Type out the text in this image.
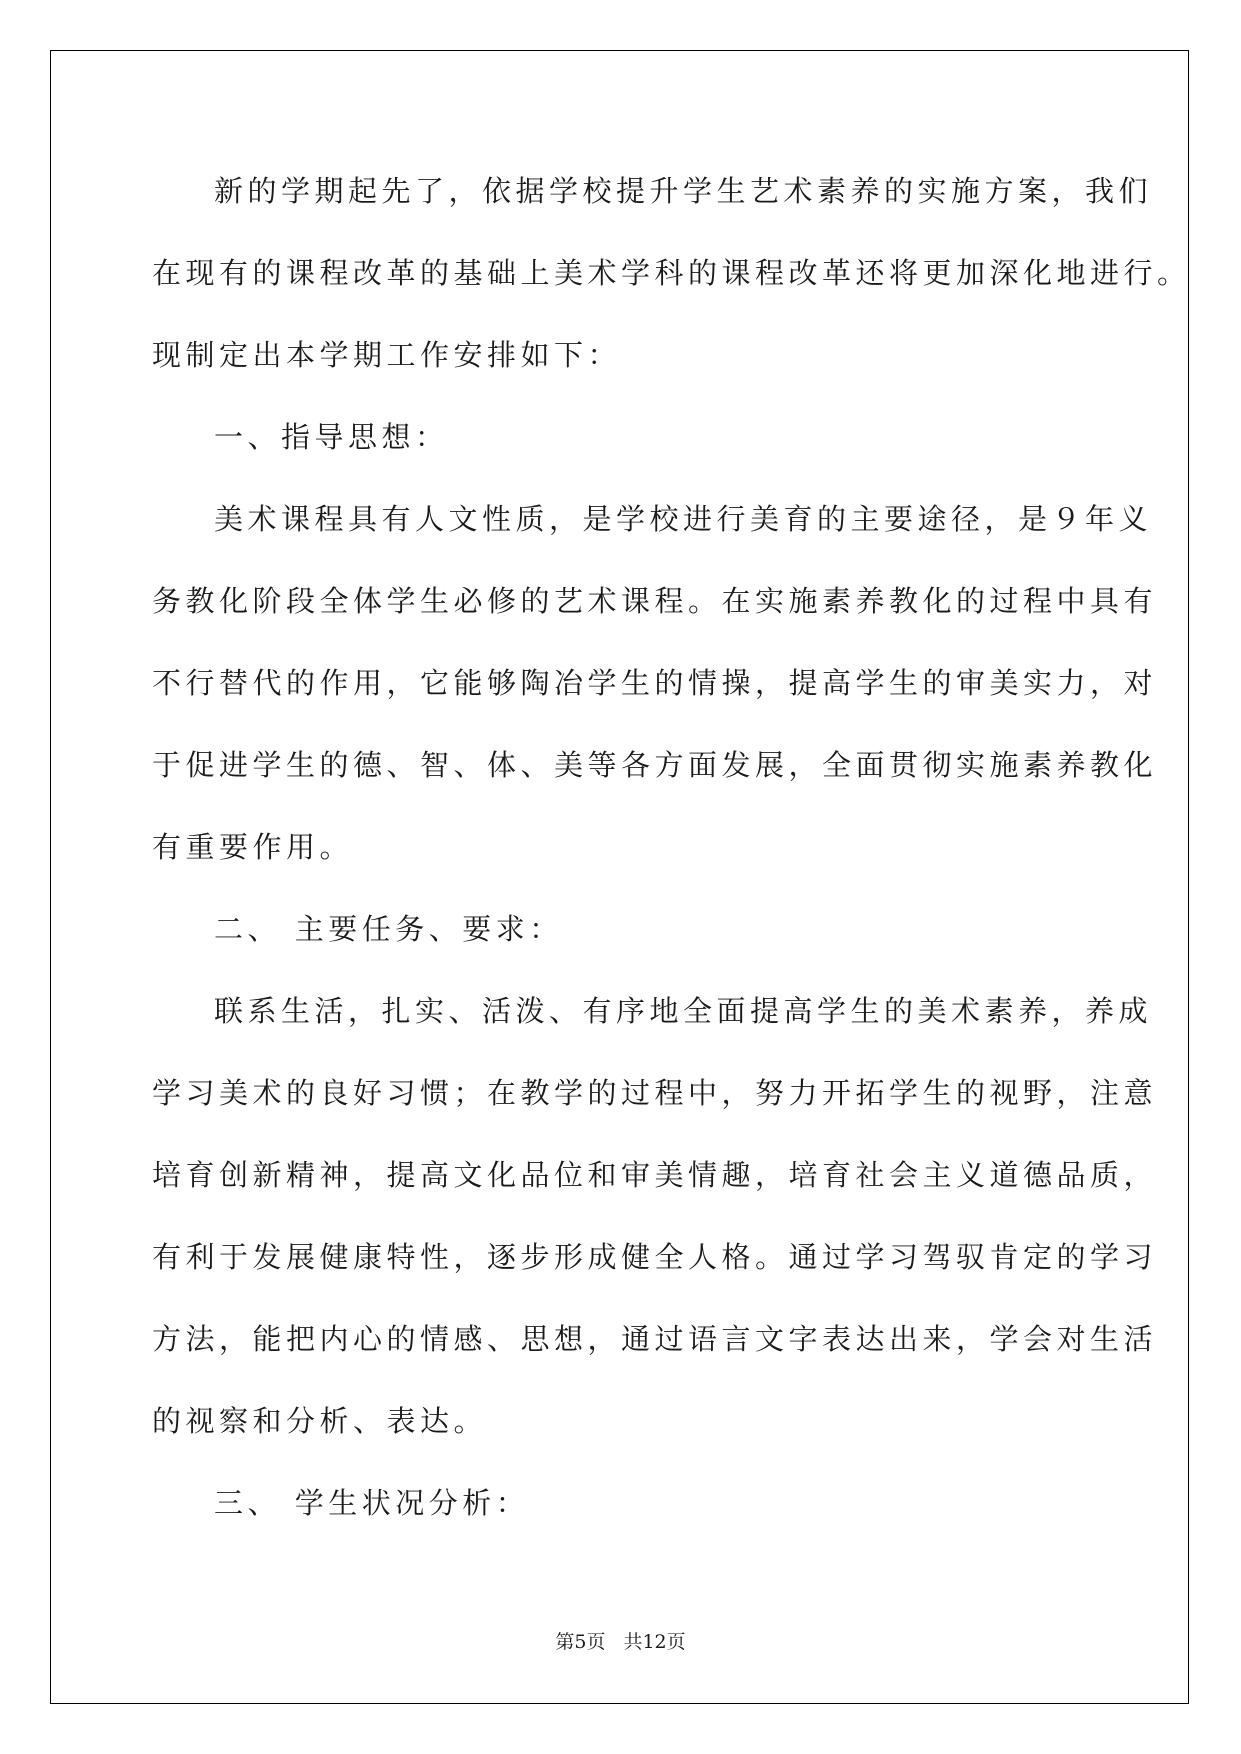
新的学期起先了，依据学校提升学生艺术素养的实施方案，我们
在现有的课程改革的基础上美术学科的课程改革还将更加深化地进行。
现制定出本学期工作安排如下：
一、指导思想：
美术课程具有人文性质，是学校进行美育的主要途径，是９年义
务教化阶段全体学生必修的艺术课程。在实施素养教化的过程中具有
不行替代的作用，它能够陶冶学生的情操，提高学生的审美实力，对
于促进学生的德、智、体、美等各方面发展，全面贯彻实施素养教化
有重要作用。
二、 主要任务、要求：
联系生活，扎实、活泼、有序地全面提高学生的美术素养，养成
学习美术的良好习惯；在教学的过程中，努力开拓学生的视野，注意
培育创新精神，提高文化品位和审美情趣，培育社会主义道德品质，
有利于发展健康特性，逐步形成健全人格。通过学习驾驭肯定的学习
方法，能把内心的情感、思想，通过语言文字表达出来，学会对生活
的视察和分析、表达。
三、 学生状况分析：
第5页 共12页
